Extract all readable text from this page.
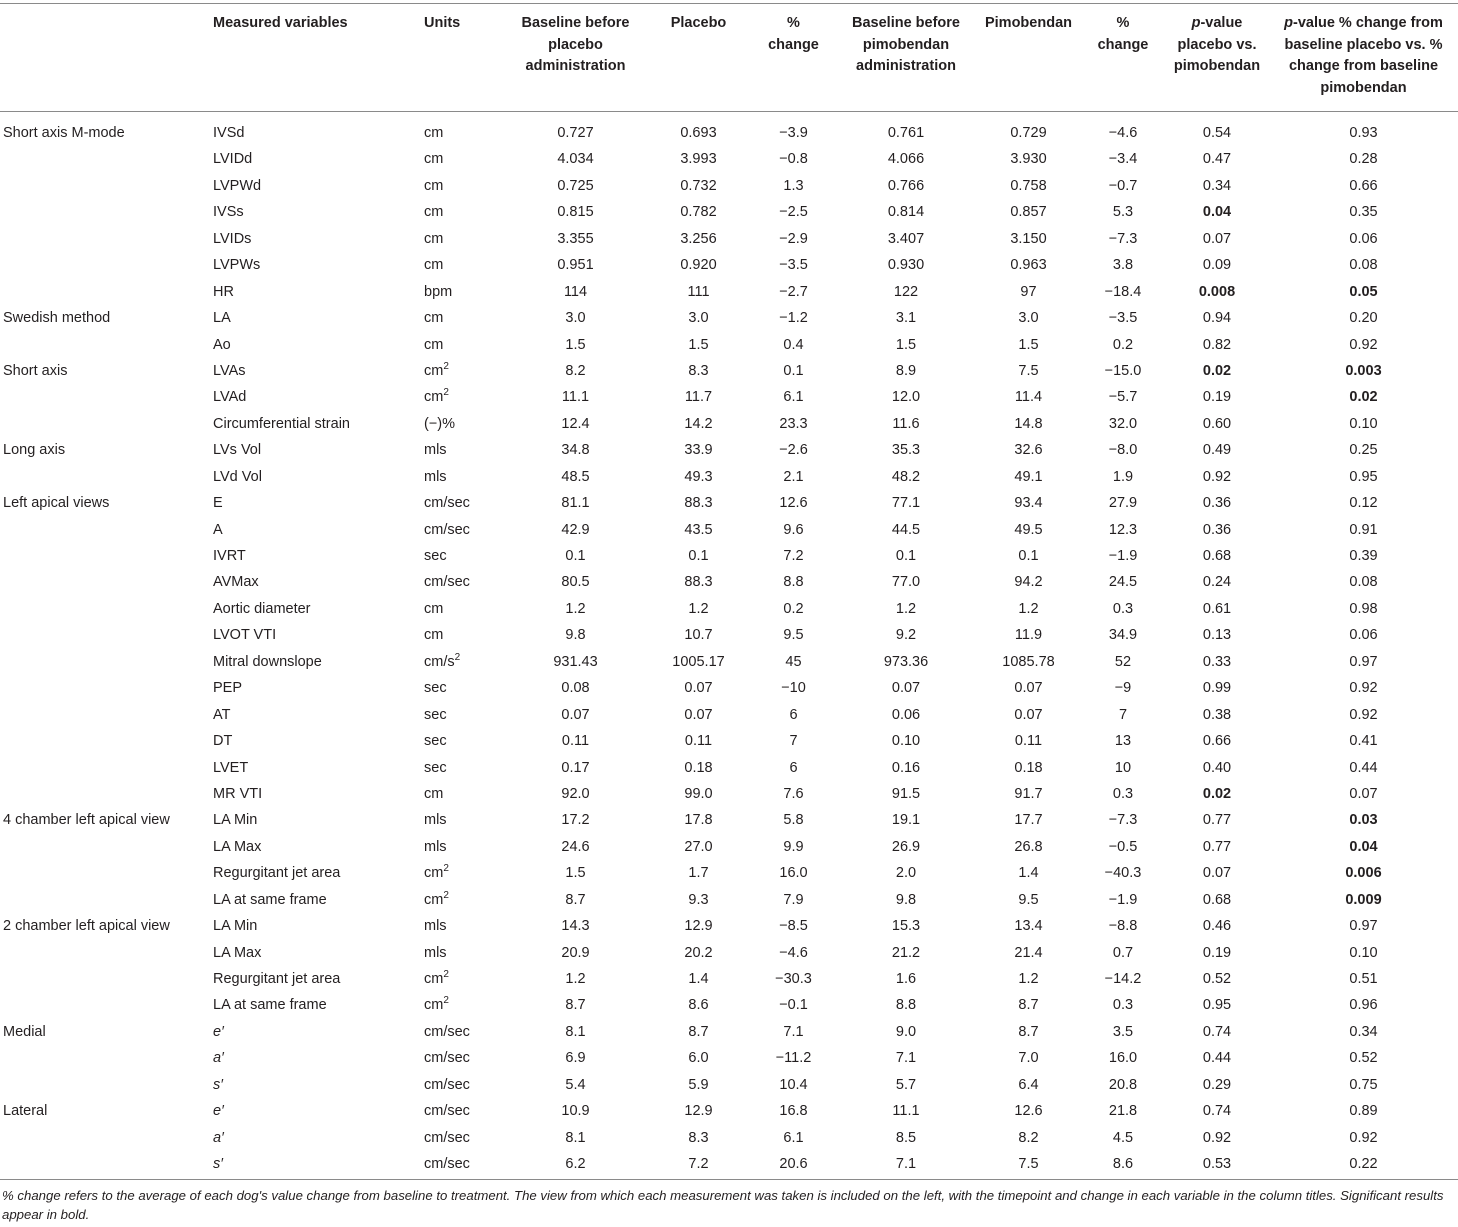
	Measured variables	Units	Baseline before placebo administration	Placebo	% change	Baseline before pimobendan administration	Pimobendan	% change	p-value placebo vs. pimobendan	p-value % change from baseline placebo vs. % change from baseline pimobendan
Short axis M-mode	IVSd	cm	0.727	0.693	−3.9	0.761	0.729	−4.6	0.54	0.93
	LVIDd	cm	4.034	3.993	−0.8	4.066	3.930	−3.4	0.47	0.28
	LVPWd	cm	0.725	0.732	1.3	0.766	0.758	−0.7	0.34	0.66
	IVSs	cm	0.815	0.782	−2.5	0.814	0.857	5.3	0.04	0.35
	LVIDs	cm	3.355	3.256	−2.9	3.407	3.150	−7.3	0.07	0.06
	LVPWs	cm	0.951	0.920	−3.5	0.930	0.963	3.8	0.09	0.08
	HR	bpm	114	111	−2.7	122	97	−18.4	0.008	0.05
Swedish method	LA	cm	3.0	3.0	−1.2	3.1	3.0	−3.5	0.94	0.20
	Ao	cm	1.5	1.5	0.4	1.5	1.5	0.2	0.82	0.92
Short axis	LVAs	$cm^2$	8.2	8.3	0.1	8.9	7.5	−15.0	0.02	0.003
	LVAd	$cm^2$	11.1	11.7	6.1	12.0	11.4	−5.7	0.19	0.02
	Circumferential strain	(−)%	12.4	14.2	23.3	11.6	14.8	32.0	0.60	0.10
Long axis	LVs Vol	mls	34.8	33.9	−2.6	35.3	32.6	−8.0	0.49	0.25
	LVd Vol	mls	48.5	49.3	2.1	48.2	49.1	1.9	0.92	0.95
Left apical views	E	cm/sec	81.1	88.3	12.6	77.1	93.4	27.9	0.36	0.12
	A	cm/sec	42.9	43.5	9.6	44.5	49.5	12.3	0.36	0.91
	IVRT	sec	0.1	0.1	7.2	0.1	0.1	−1.9	0.68	0.39
	AVMax	cm/sec	80.5	88.3	8.8	77.0	94.2	24.5	0.24	0.08
	Aortic diameter	cm	1.2	1.2	0.2	1.2	1.2	0.3	0.61	0.98
	LVOT VTI	cm	9.8	10.7	9.5	9.2	11.9	34.9	0.13	0.06
	Mitral downslope	$cm/s^2$	931.43	1005.17	45	973.36	1085.78	52	0.33	0.97
	PEP	sec	0.08	0.07	−10	0.07	0.07	−9	0.99	0.92
	AT	sec	0.07	0.07	6	0.06	0.07	7	0.38	0.92
	DT	sec	0.11	0.11	7	0.10	0.11	13	0.66	0.41
	LVET	sec	0.17	0.18	6	0.16	0.18	10	0.40	0.44
	MR VTI	cm	92.0	99.0	7.6	91.5	91.7	0.3	0.02	0.07
4 chamber left apical view	LA Min	mls	17.2	17.8	5.8	19.1	17.7	−7.3	0.77	0.03
	LA Max	mls	24.6	27.0	9.9	26.9	26.8	−0.5	0.77	0.04
	Regurgitant jet area	$cm^2$	1.5	1.7	16.0	2.0	1.4	−40.3	0.07	0.006
	LA at same frame	$cm^2$	8.7	9.3	7.9	9.8	9.5	−1.9	0.68	0.009
2 chamber left apical view	LA Min	mls	14.3	12.9	−8.5	15.3	13.4	−8.8	0.46	0.97
	LA Max	mls	20.9	20.2	−4.6	21.2	21.4	0.7	0.19	0.10
	Regurgitant jet area	$cm^2$	1.2	1.4	−30.3	1.6	1.2	−14.2	0.52	0.51
	LA at same frame	$cm^2$	8.7	8.6	−0.1	8.8	8.7	0.3	0.95	0.96
Medial	e′	cm/sec	8.1	8.7	7.1	9.0	8.7	3.5	0.74	0.34
	a′	cm/sec	6.9	6.0	−11.2	7.1	7.0	16.0	0.44	0.52
	s′	cm/sec	5.4	5.9	10.4	5.7	6.4	20.8	0.29	0.75
Lateral	e′	cm/sec	10.9	12.9	16.8	11.1	12.6	21.8	0.74	0.89
	a′	cm/sec	8.1	8.3	6.1	8.5	8.2	4.5	0.92	0.92
	s′	cm/sec	6.2	7.2	20.6	7.1	7.5	8.6	0.53	0.22
% change refers to the average of each dog's value change from baseline to treatment. The view from which each measurement was taken is included on the left, with the timepoint and change in each variable in the column titles. Significant results appear in bold.
